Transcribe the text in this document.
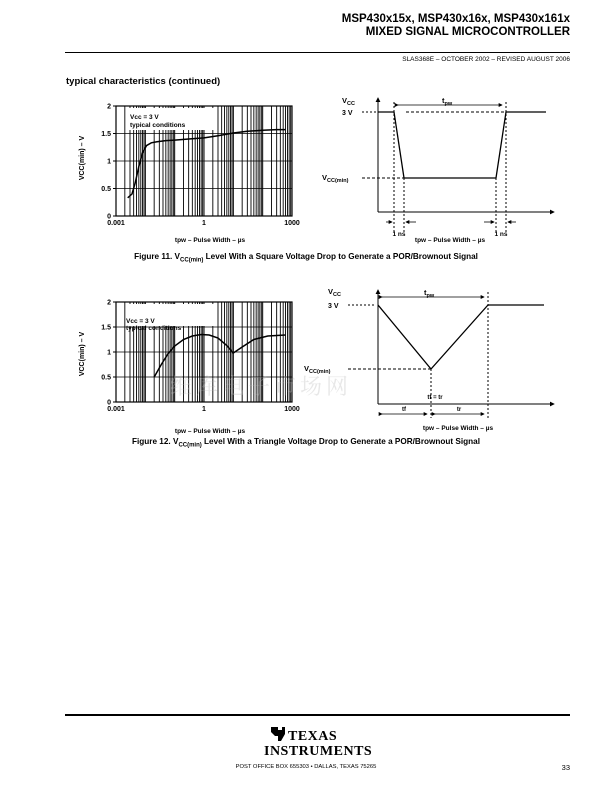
MSP430x15x, MSP430x16x, MSP430x161x
MIXED SIGNAL MICROCONTROLLER
SLAS368E – OCTOBER 2002 – REVISED AUGUST 2006
typical characteristics (continued)
VCC(min) – V
tpw – Pulse Width – µs
0
0.5
1
1.5
2
0.001	1	1000
Vcc = 3 V
typical conditions
$V_{CC}$
3 V
$V_{CC(min)}$
$t_{pw}$
1 ns	1 ns
tpw – Pulse Width – µs
Figure 11. $V_{CC(min)}$ Level With a Square Voltage Drop to Generate a POR/Brownout Signal
VCC(min) – V
tpw – Pulse Width – µs
0
0.5
1
1.5
2
0.001	1	1000
Vcc = 3 V
typical conditions
$V_{CC}$
3 V
$V_{CC(min)}$
$t_{pw}$
tf = tr
tf	tr
tpw – Pulse Width – µs
Figure 12. $V_{CC(min)}$ Level With a Triangle Voltage Drop to Generate a POR/Brownout Signal
维库电子市场网
TEXAS
INSTRUMENTS
POST OFFICE BOX 655303 • DALLAS, TEXAS 75265	33
